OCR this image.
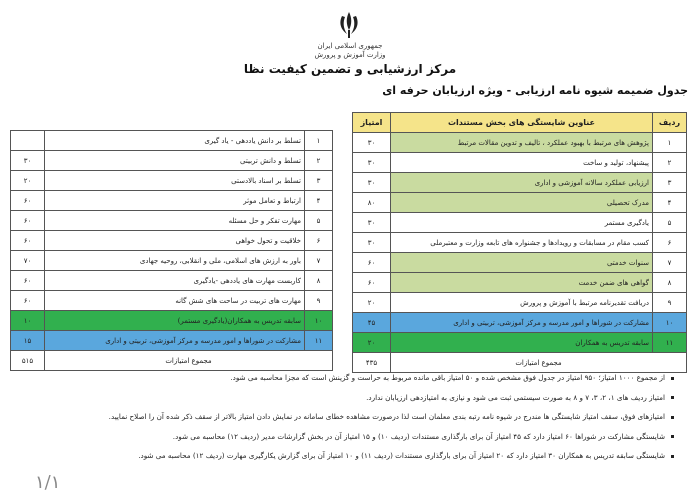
جمهوری اسلامی ایران
وزارت آموزش و پرورش
مرکز ارزشیابی و تضمین کیفیت نظا
جدول ضمیمه شیوه نامه ارزیابی - ویژه ارزیابان حرفه ای
ردیف	عناوین شایستگی های بخش مستندات	امتیاز
۱	پژوهش های مرتبط با بهبود عملکرد ، تالیف و تدوین مقالات مرتبط	۳۰
۲	پیشنهاد، تولید و ساخت	۳۰
۳	ارزیابی عملکرد سالانه آموزشی و اداری	۳۰
۴	مدرک تحصیلی	۸۰
۵	یادگیری مستمر	۳۰
۶	کسب مقام در مسابقات و رویدادها و جشنواره های تابعه وزارت و معتبرملی	۳۰
۷	سنوات خدمتی	۶۰
۸	گواهی های ضمن خدمت	۶۰
۹	دریافت تقدیرنامه مرتبط با آموزش و پرورش	۲۰
۱۰	مشارکت در شوراها و امور مدرسه و مرکز آموزشی، تربیتی و اداری	۴۵
۱۱	سابقه تدریس به همکاران	۲۰
مجموع امتیازات		۴۳۵
۱	تسلط بر دانش یاددهی - یاد گیری	
۲	تسلط و دانش تربیتی	۳۰
۳	تسلط بر اسناد بالادستی	۲۰
۴	ارتباط و تعامل موثر	۶۰
۵	مهارت تفکر و حل مسئله	۶۰
۶	خلاقیت و تحول خواهی	۶۰
۷	باور به ارزش های اسلامی، ملی و انقلابی، روحیه جهادی	۷۰
۸	کاربست مهارت های یاددهی -یادگیری	۶۰
۹	مهارت های تربیت در ساحت های شش گانه	۶۰
۱۰	سابقه تدریس به همکاران(یادگیری مستمر)	۱۰
۱۱	مشارکت در شوراها و امور مدرسه و مرکز آموزشی، تربیتی و اداری	۱۵
مجموع امتیازات		۵۱۵

از مجموع ۱۰۰۰ امتیاز؛ ۹۵۰ امتیاز در جدول فوق مشخص شده و ۵۰ امتیاز باقی مانده مربوط به حراست و گزینش است که مجزا محاسبه می شود.

امتیاز ردیف های ۱، ۲، ۳، ۷ و ۸ به صورت سیستمی ثبت می شود و نیازی به امتیازدهی ارزیابان ندارد.

امتیازهای فوق، سقف امتیاز شایستگی ها مندرج در شیوه نامه رتبه بندی معلمان است لذا درصورت مشاهده خطای سامانه در نمایش دادن امتیاز بالاتر از سقف ذکر شده آن را اصلاح نمایید.

شایستگی مشارکت در شوراها ۶۰ امتیاز دارد که ۴۵ امتیاز آن برای بارگذاری مستندات (ردیف ۱۰) و ۱۵ امتیاز آن در بخش گزارشات مدیر (ردیف ۱۲) محاسبه می شود.

شایستگی سابقه تدریس به همکاران ۳۰ امتیاز دارد که ۲۰ امتیاز آن برای بارگذاری مستندات (ردیف ۱۱) و ۱۰ امتیاز آن برای گزارش یکارگیری مهارت (ردیف ۱۲) محاسبه می شود.

۱/۱
